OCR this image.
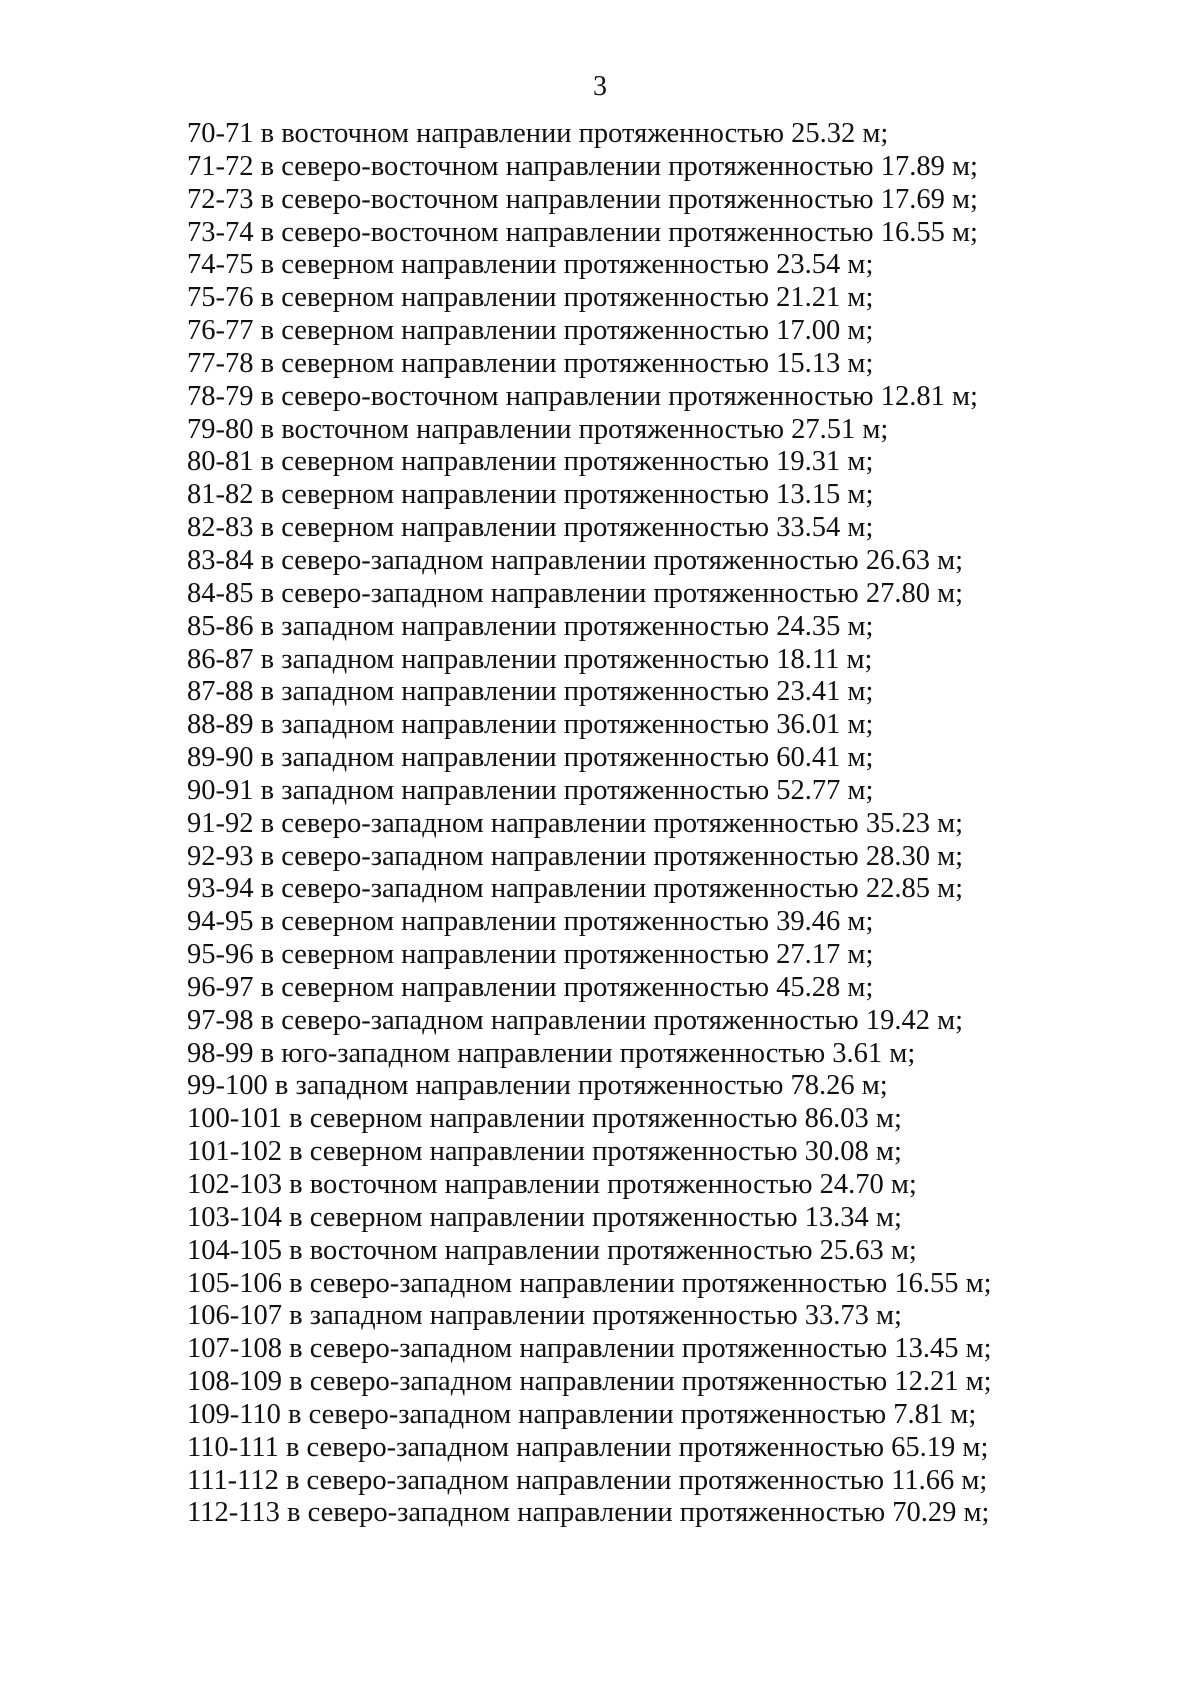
3
70-71 в восточном направлении протяженностью 25.32 м;
71-72 в северо-восточном направлении протяженностью 17.89 м;
72-73 в северо-восточном направлении протяженностью 17.69 м;
73-74 в северо-восточном направлении протяженностью 16.55 м;
74-75 в северном направлении протяженностью 23.54 м;
75-76 в северном направлении протяженностью 21.21 м;
76-77 в северном направлении протяженностью 17.00 м;
77-78 в северном направлении протяженностью 15.13 м;
78-79 в северо-восточном направлении протяженностью 12.81 м;
79-80 в восточном направлении протяженностью 27.51 м;
80-81 в северном направлении протяженностью 19.31 м;
81-82 в северном направлении протяженностью 13.15 м;
82-83 в северном направлении протяженностью 33.54 м;
83-84 в северо-западном направлении протяженностью 26.63 м;
84-85 в северо-западном направлении протяженностью 27.80 м;
85-86 в западном направлении протяженностью 24.35 м;
86-87 в западном направлении протяженностью 18.11 м;
87-88 в западном направлении протяженностью 23.41 м;
88-89 в западном направлении протяженностью 36.01 м;
89-90 в западном направлении протяженностью 60.41 м;
90-91 в западном направлении протяженностью 52.77 м;
91-92 в северо-западном направлении протяженностью 35.23 м;
92-93 в северо-западном направлении протяженностью 28.30 м;
93-94 в северо-западном направлении протяженностью 22.85 м;
94-95 в северном направлении протяженностью 39.46 м;
95-96 в северном направлении протяженностью 27.17 м;
96-97 в северном направлении протяженностью 45.28 м;
97-98 в северо-западном направлении протяженностью 19.42 м;
98-99 в юго-западном направлении протяженностью 3.61 м;
99-100 в западном направлении протяженностью 78.26 м;
100-101 в северном направлении протяженностью 86.03 м;
101-102 в северном направлении протяженностью 30.08 м;
102-103 в восточном направлении протяженностью 24.70 м;
103-104 в северном направлении протяженностью 13.34 м;
104-105 в восточном направлении протяженностью 25.63 м;
105-106 в северо-западном направлении протяженностью 16.55 м;
106-107 в западном направлении протяженностью 33.73 м;
107-108 в северо-западном направлении протяженностью 13.45 м;
108-109 в северо-западном направлении протяженностью 12.21 м;
109-110 в северо-западном направлении протяженностью 7.81 м;
110-111 в северо-западном направлении протяженностью 65.19 м;
111-112 в северо-западном направлении протяженностью 11.66 м;
112-113 в северо-западном направлении протяженностью 70.29 м;
